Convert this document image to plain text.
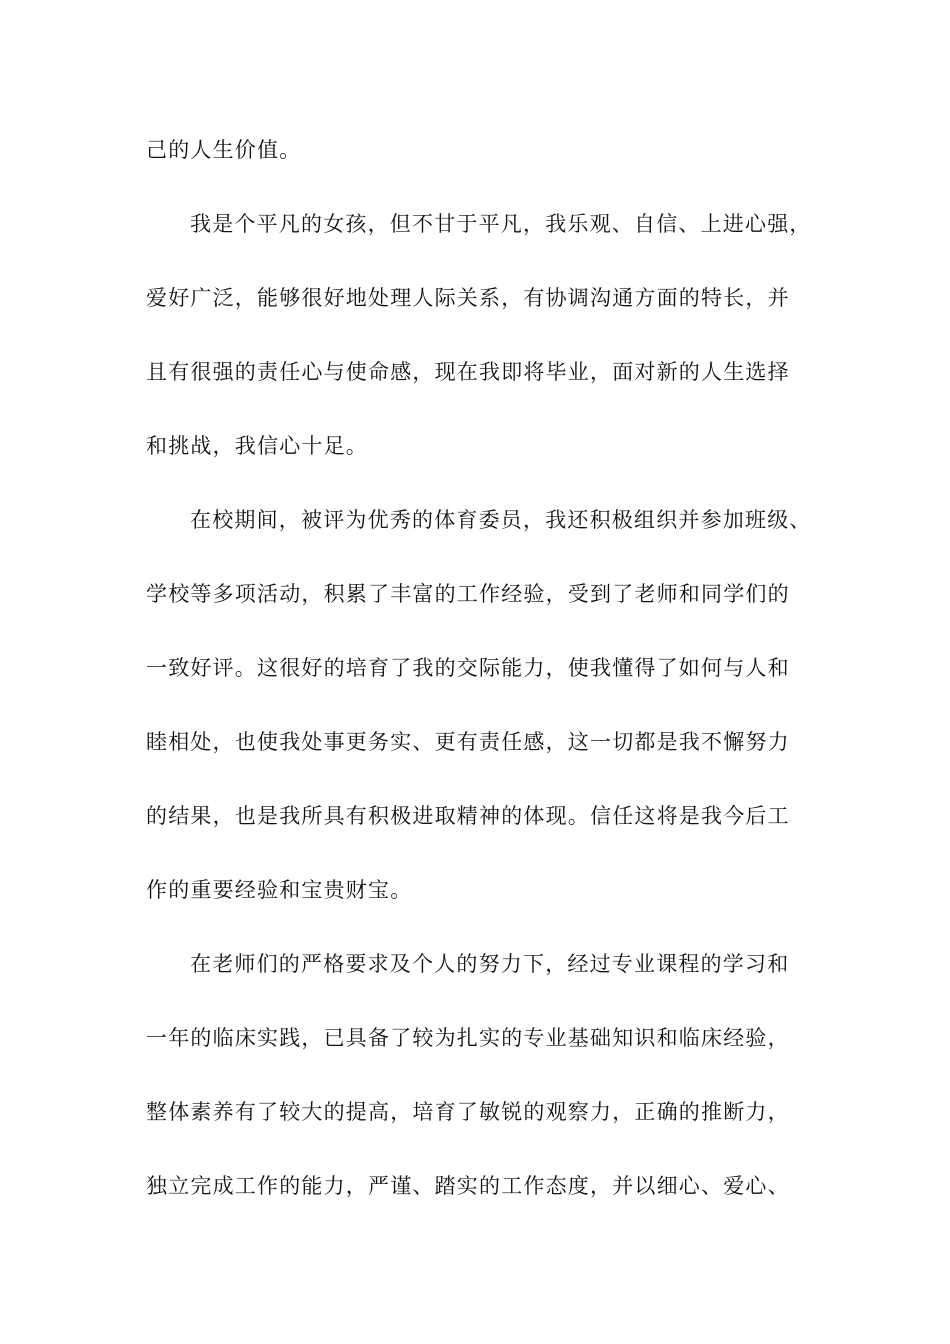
己的人生价值。
我是个平凡的女孩，但不甘于平凡，我乐观、自信、上进心强，
爱好广泛，能够很好地处理人际关系，有协调沟通方面的特长，并
且有很强的责任心与使命感，现在我即将毕业，面对新的人生选择
和挑战，我信心十足。
在校期间，被评为优秀的体育委员，我还积极组织并参加班级、
学校等多项活动，积累了丰富的工作经验，受到了老师和同学们的
一致好评。这很好的培育了我的交际能力，使我懂得了如何与人和
睦相处，也使我处事更务实、更有责任感，这一切都是我不懈努力
的结果，也是我所具有积极进取精神的体现。信任这将是我今后工
作的重要经验和宝贵财宝。
在老师们的严格要求及个人的努力下，经过专业课程的学习和
一年的临床实践，已具备了较为扎实的专业基础知识和临床经验，
整体素养有了较大的提高，培育了敏锐的观察力，正确的推断力，
独立完成工作的能力，严谨、踏实的工作态度，并以细心、爱心、
